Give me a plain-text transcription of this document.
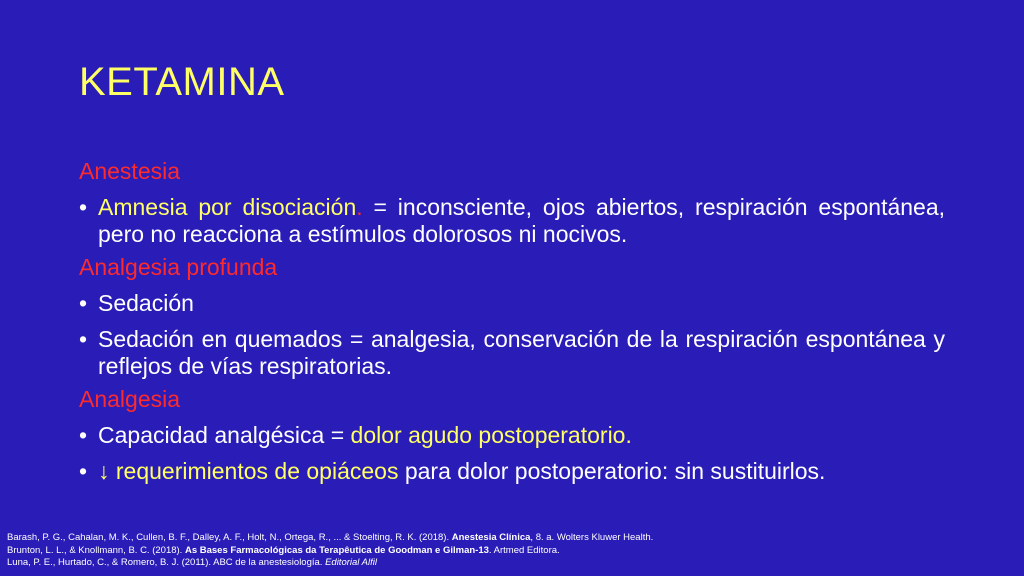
KETAMINA
Anestesia
• Amnesia por disociación. = inconsciente, ojos abiertos, respiración espontánea, pero no reacciona a estímulos dolorosos ni nocivos.
Analgesia profunda
• Sedación
• Sedación en quemados = analgesia, conservación de la respiración espontánea y reflejos de vías respiratorias.
Analgesia
• Capacidad analgésica = dolor agudo postoperatorio.
• ↓ requerimientos de opiáceos para dolor postoperatorio: sin sustituirlos.
Barash, P. G., Cahalan, M. K., Cullen, B. F., Dalley, A. F., Holt, N., Ortega, R., ... & Stoelting, R. K. (2018). Anestesia Clínica, 8. a. Wolters Kluwer Health.
Brunton, L. L., & Knollmann, B. C. (2018). As Bases Farmacológicas da Terapêutica de Goodman e Gilman-13. Artmed Editora.
Luna, P. E., Hurtado, C., & Romero, B. J. (2011). ABC de la anestesiología. Editorial Alfil
